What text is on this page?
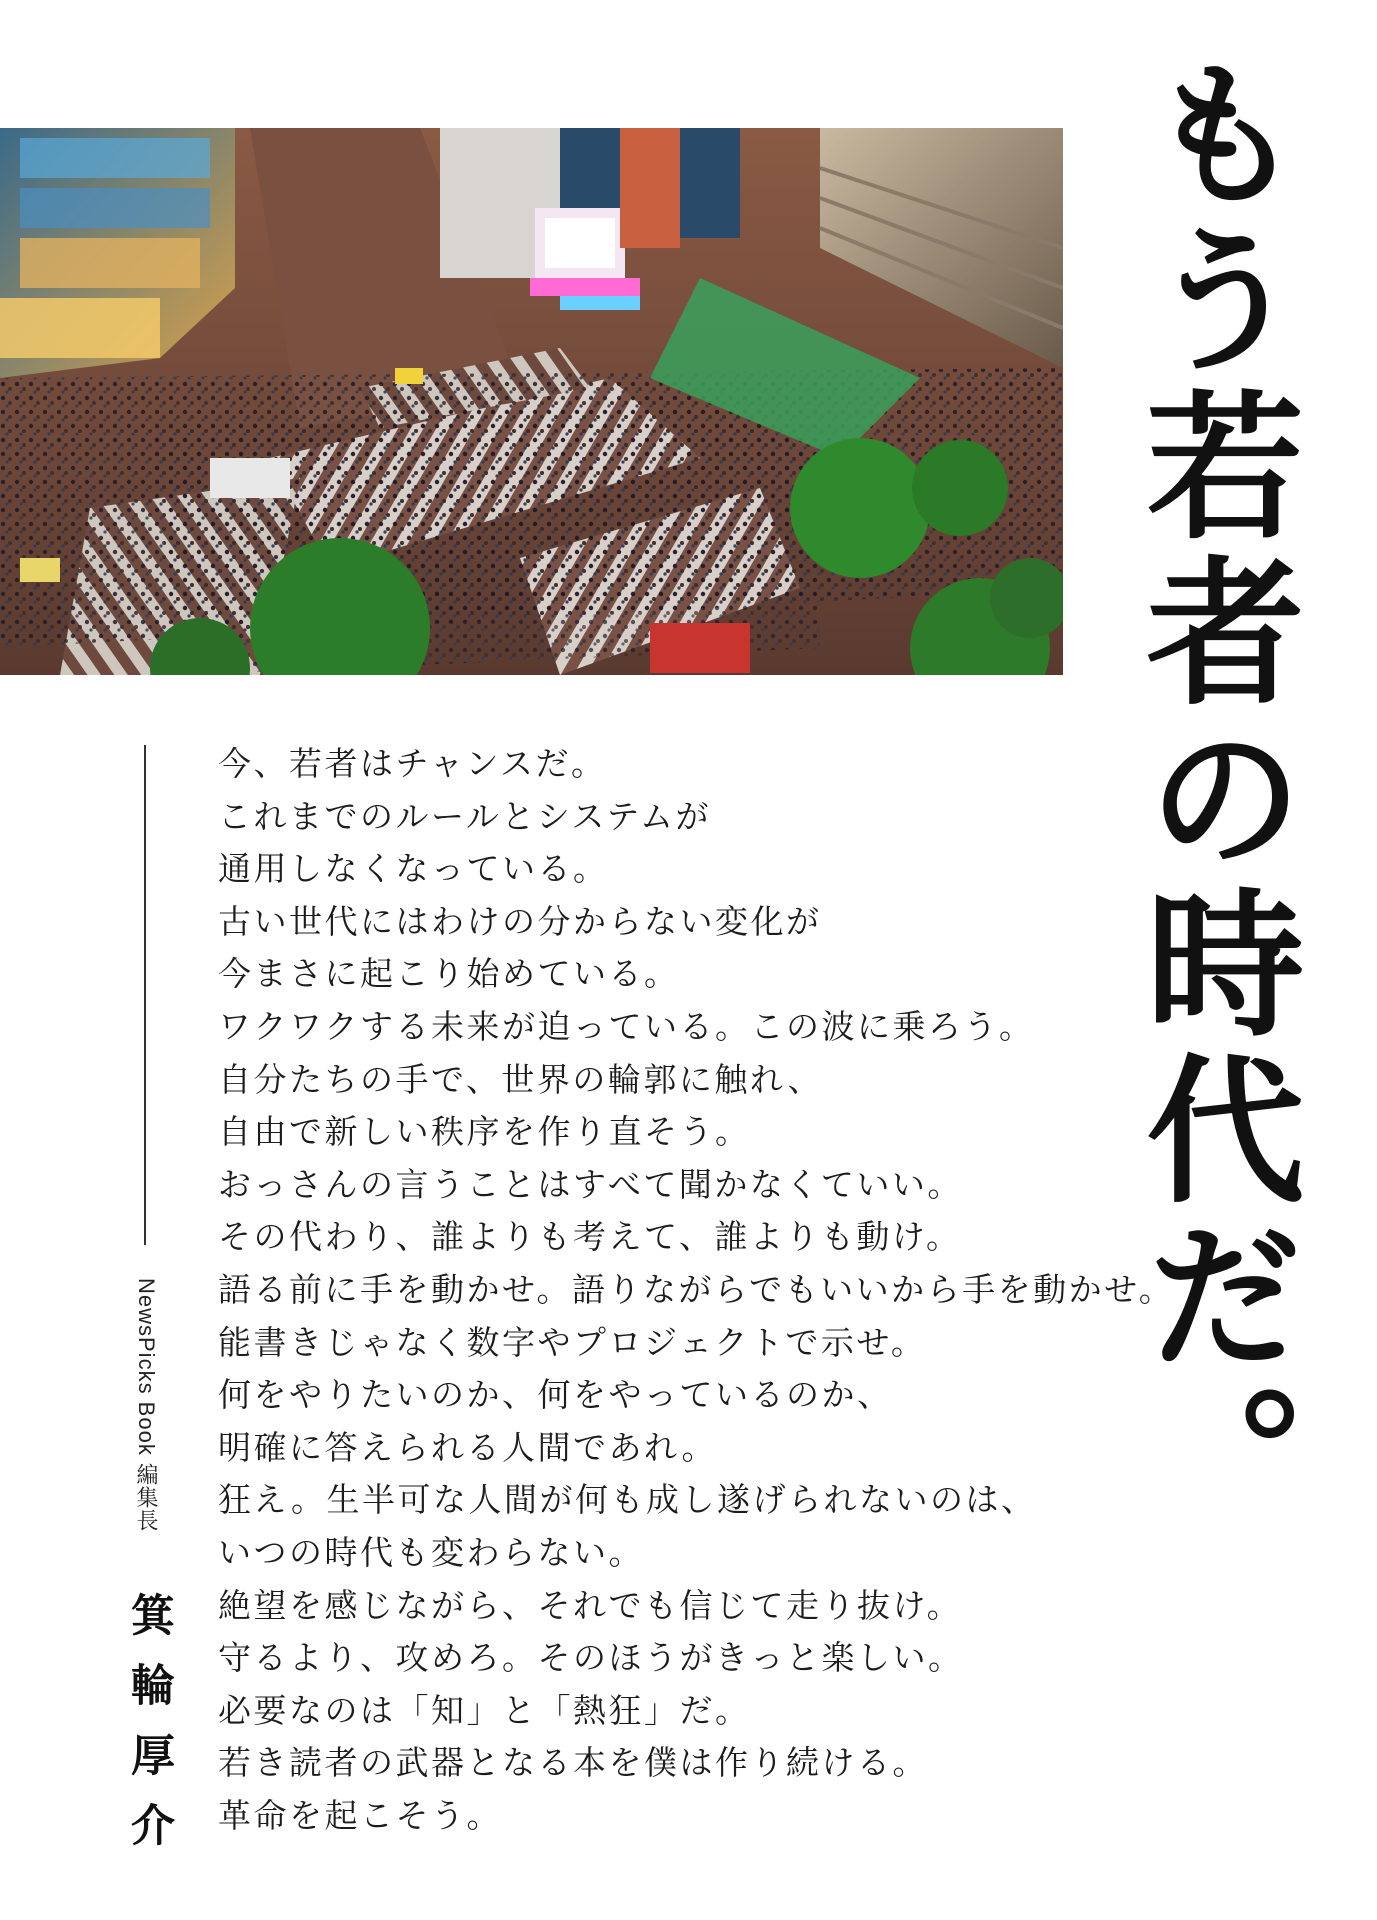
もう若者の時代だ。
今、若者はチャンスだ。
これまでのルールとシステムが
通用しなくなっている。
古い世代にはわけの分からない変化が
今まさに起こり始めている。
ワクワクする未来が迫っている。この波に乗ろう。
自分たちの手で、世界の輪郭に触れ、
自由で新しい秩序を作り直そう。
おっさんの言うことはすべて聞かなくていい。
その代わり、誰よりも考えて、誰よりも動け。
語る前に手を動かせ。語りながらでもいいから手を動かせ。
能書きじゃなく数字やプロジェクトで示せ。
何をやりたいのか、何をやっているのか、
明確に答えられる人間であれ。
狂え。生半可な人間が何も成し遂げられないのは、
いつの時代も変わらない。
絶望を感じながら、それでも信じて走り抜け。
守るより、攻めろ。そのほうがきっと楽しい。
必要なのは「知」と「熱狂」だ。
若き読者の武器となる本を僕は作り続ける。
革命を起こそう。
NewsPicks Book 編集長
箕輪厚介
